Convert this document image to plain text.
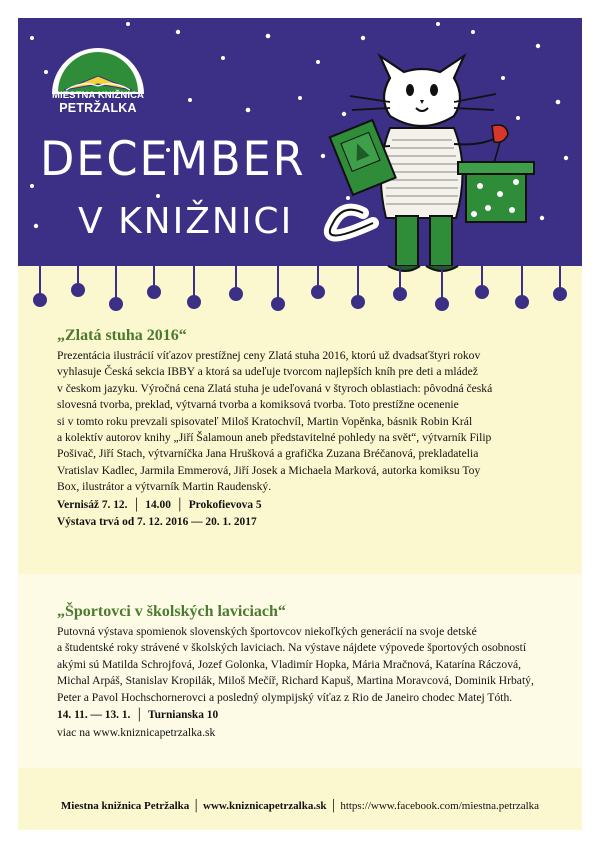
MIESTNA KNIŽNICA
PETRŽALKA
DECEMBER
V KNIŽNICI
„Zlatá stuha 2016“
Prezentácia ilustrácií víťazov prestížnej ceny Zlatá stuha 2016, ktorú už dvadsaťštyri rokov
vyhlasuje Česká sekcia IBBY a ktorá sa udeľuje tvorcom najlepších kníh pre deti a mládež
v českom jazyku. Výročná cena Zlatá stuha je udeľovaná v štyroch oblastiach: pôvodná česká
slovesná tvorba, preklad, výtvarná tvorba a komiksová tvorba. Toto prestížne ocenenie
si v tomto roku prevzali spisovateľ Miloš Kratochvíl, Martin Vopěnka, básnik Robin Král
a kolektív autorov knihy „Jiří Šalamoun aneb představitelné pohledy na svět“, výtvarník Filip
Pošivač, Jiří Stach, výtvarníčka Jana Hrušková a grafička Zuzana Bréčanová, prekladatelia
Vratislav Kadlec, Jarmila Emmerová, Jiří Josek a Michaela Marková, autorka komiksu Toy
Box, ilustrátor a výtvarník Martin Raudenský.
Vernisáž 7. 12. │ 14.00 │ Prokofievova 5
Výstava trvá od 7. 12. 2016 — 20. 1. 2017
„Športovci v školských laviciach“
Putovná výstava spomienok slovenských športovcov niekoľkých generácií na svoje detské
a študentské roky strávené v školských laviciach. Na výstave nájdete výpovede športových osobností
akými sú Matilda Schrojfová, Jozef Golonka, Vladimír Hopka, Mária Mračnová, Katarína Ráczová,
Michal Arpáš, Stanislav Kropilák, Miloš Mečíř, Richard Kapuš, Martina Moravcová, Dominik Hrbatý,
Peter a Pavol Hochschornerovci a posledný olympijský víťaz z Rio de Janeiro chodec Matej Tóth.
14. 11. — 13. 1. │ Turnianska 10
viac na www.kniznicapetrzalka.sk
Miestna knižnica Petržalka │ www.kniznicapetrzalka.sk │ https://www.facebook.com/miestna.petrzalka
